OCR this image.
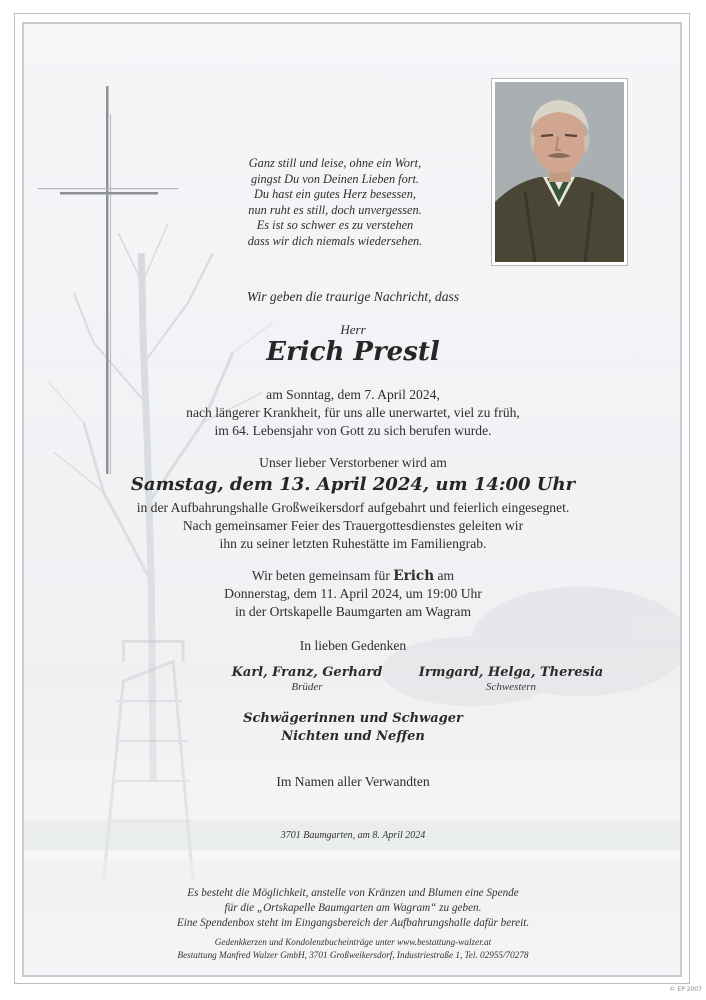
Ganz still und leise, ohne ein Wort,
gingst Du von Deinen Lieben fort.
Du hast ein gutes Herz besessen,
nun ruht es still, doch unvergessen.
Es ist so schwer es zu verstehen
dass wir dich niemals wiedersehen.
Wir geben die traurige Nachricht, dass
Herr
Erich Prestl
am Sonntag, dem 7. April 2024,
nach längerer Krankheit, für uns alle unerwartet, viel zu früh,
im 64. Lebensjahr von Gott zu sich berufen wurde.
Unser lieber Verstorbener wird am
Samstag, dem 13. April 2024, um 14:00 Uhr
in der Aufbahrungshalle Großweikersdorf aufgebahrt und feierlich eingesegnet.
Nach gemeinsamer Feier des Trauergottesdienstes geleiten wir
ihn zu seiner letzten Ruhestätte im Familiengrab.
Wir beten gemeinsam für Erich am
Donnerstag, dem 11. April 2024, um 19:00 Uhr
in der Ortskapelle Baumgarten am Wagram
In lieben Gedenken
Karl, Franz, Gerhard
Brüder
Irmgard, Helga, Theresia
Schwestern
Schwägerinnen und Schwager
Nichten und Neffen
Im Namen aller Verwandten
3701 Baumgarten, am 8. April 2024
Es besteht die Möglichkeit, anstelle von Kränzen und Blumen eine Spende
für die „Ortskapelle Baumgarten am Wagram“ zu geben.
Eine Spendenbox steht im Eingangsbereich der Aufbahrungshalle dafür bereit.
Gedenkkerzen und Kondolenzbucheinträge unter www.bestattung-walzer.at
Bestattung Manfred Walzer GmbH, 3701 Großweikersdorf, Industriestraße 1, Tel. 02955/70278
© EP 2007
